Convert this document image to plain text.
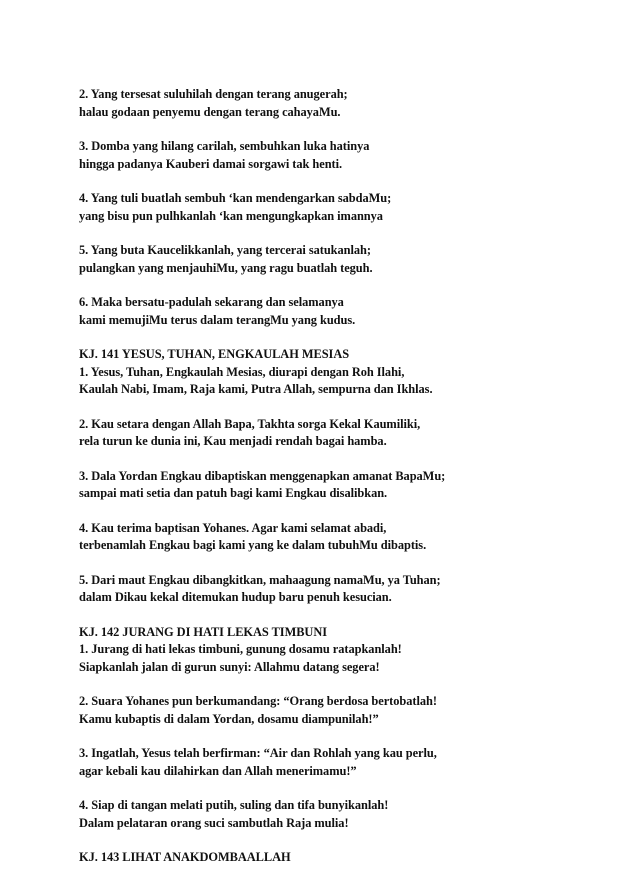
2. Yang tersesat suluhilah dengan terang anugerah;
halau godaan penyemu dengan terang cahayaMu.
3. Domba yang hilang carilah, sembuhkan luka hatinya
hingga padanya Kauberi damai sorgawi tak henti.
4. Yang tuli buatlah sembuh ‘kan mendengarkan sabdaMu;
yang bisu pun pulhkanlah ‘kan mengungkapkan imannya
5. Yang buta Kaucelikkanlah, yang tercerai satukanlah;
pulangkan yang menjauhiMu, yang ragu buatlah teguh.
6. Maka bersatu-padulah sekarang dan selamanya
kami memujiMu terus dalam terangMu yang kudus.
KJ. 141 YESUS, TUHAN, ENGKAULAH MESIAS
1. Yesus, Tuhan, Engkaulah Mesias, diurapi dengan Roh Ilahi,
Kaulah Nabi, Imam, Raja kami, Putra Allah, sempurna dan Ikhlas.
2. Kau setara dengan Allah Bapa, Takhta sorga Kekal Kaumiliki,
rela turun ke dunia ini, Kau menjadi rendah bagai hamba.
3. Dala Yordan Engkau dibaptiskan menggenapkan amanat BapaMu;
sampai mati setia dan patuh bagi kami Engkau disalibkan.
4. Kau terima baptisan Yohanes. Agar kami selamat abadi,
terbenamlah Engkau bagi kami yang ke dalam tubuhMu dibaptis.
5. Dari maut Engkau dibangkitkan, mahaagung namaMu, ya Tuhan;
dalam Dikau kekal ditemukan hudup baru penuh kesucian.
KJ. 142 JURANG DI HATI LEKAS TIMBUNI
1. Jurang di hati lekas timbuni, gunung dosamu ratapkanlah!
Siapkanlah jalan di gurun sunyi: Allahmu datang segera!
2. Suara Yohanes pun berkumandang: “Orang berdosa bertobatlah!
Kamu kubaptis di dalam Yordan, dosamu diampunilah!”
3. Ingatlah, Yesus telah berfirman: “Air dan Rohlah yang kau perlu,
agar kebali kau dilahirkan dan Allah menerimamu!”
4. Siap di tangan melati putih, suling dan tifa bunyikanlah!
Dalam pelataran orang suci sambutlah Raja mulia!
KJ. 143 LIHAT ANAKDOMBAALLAH
